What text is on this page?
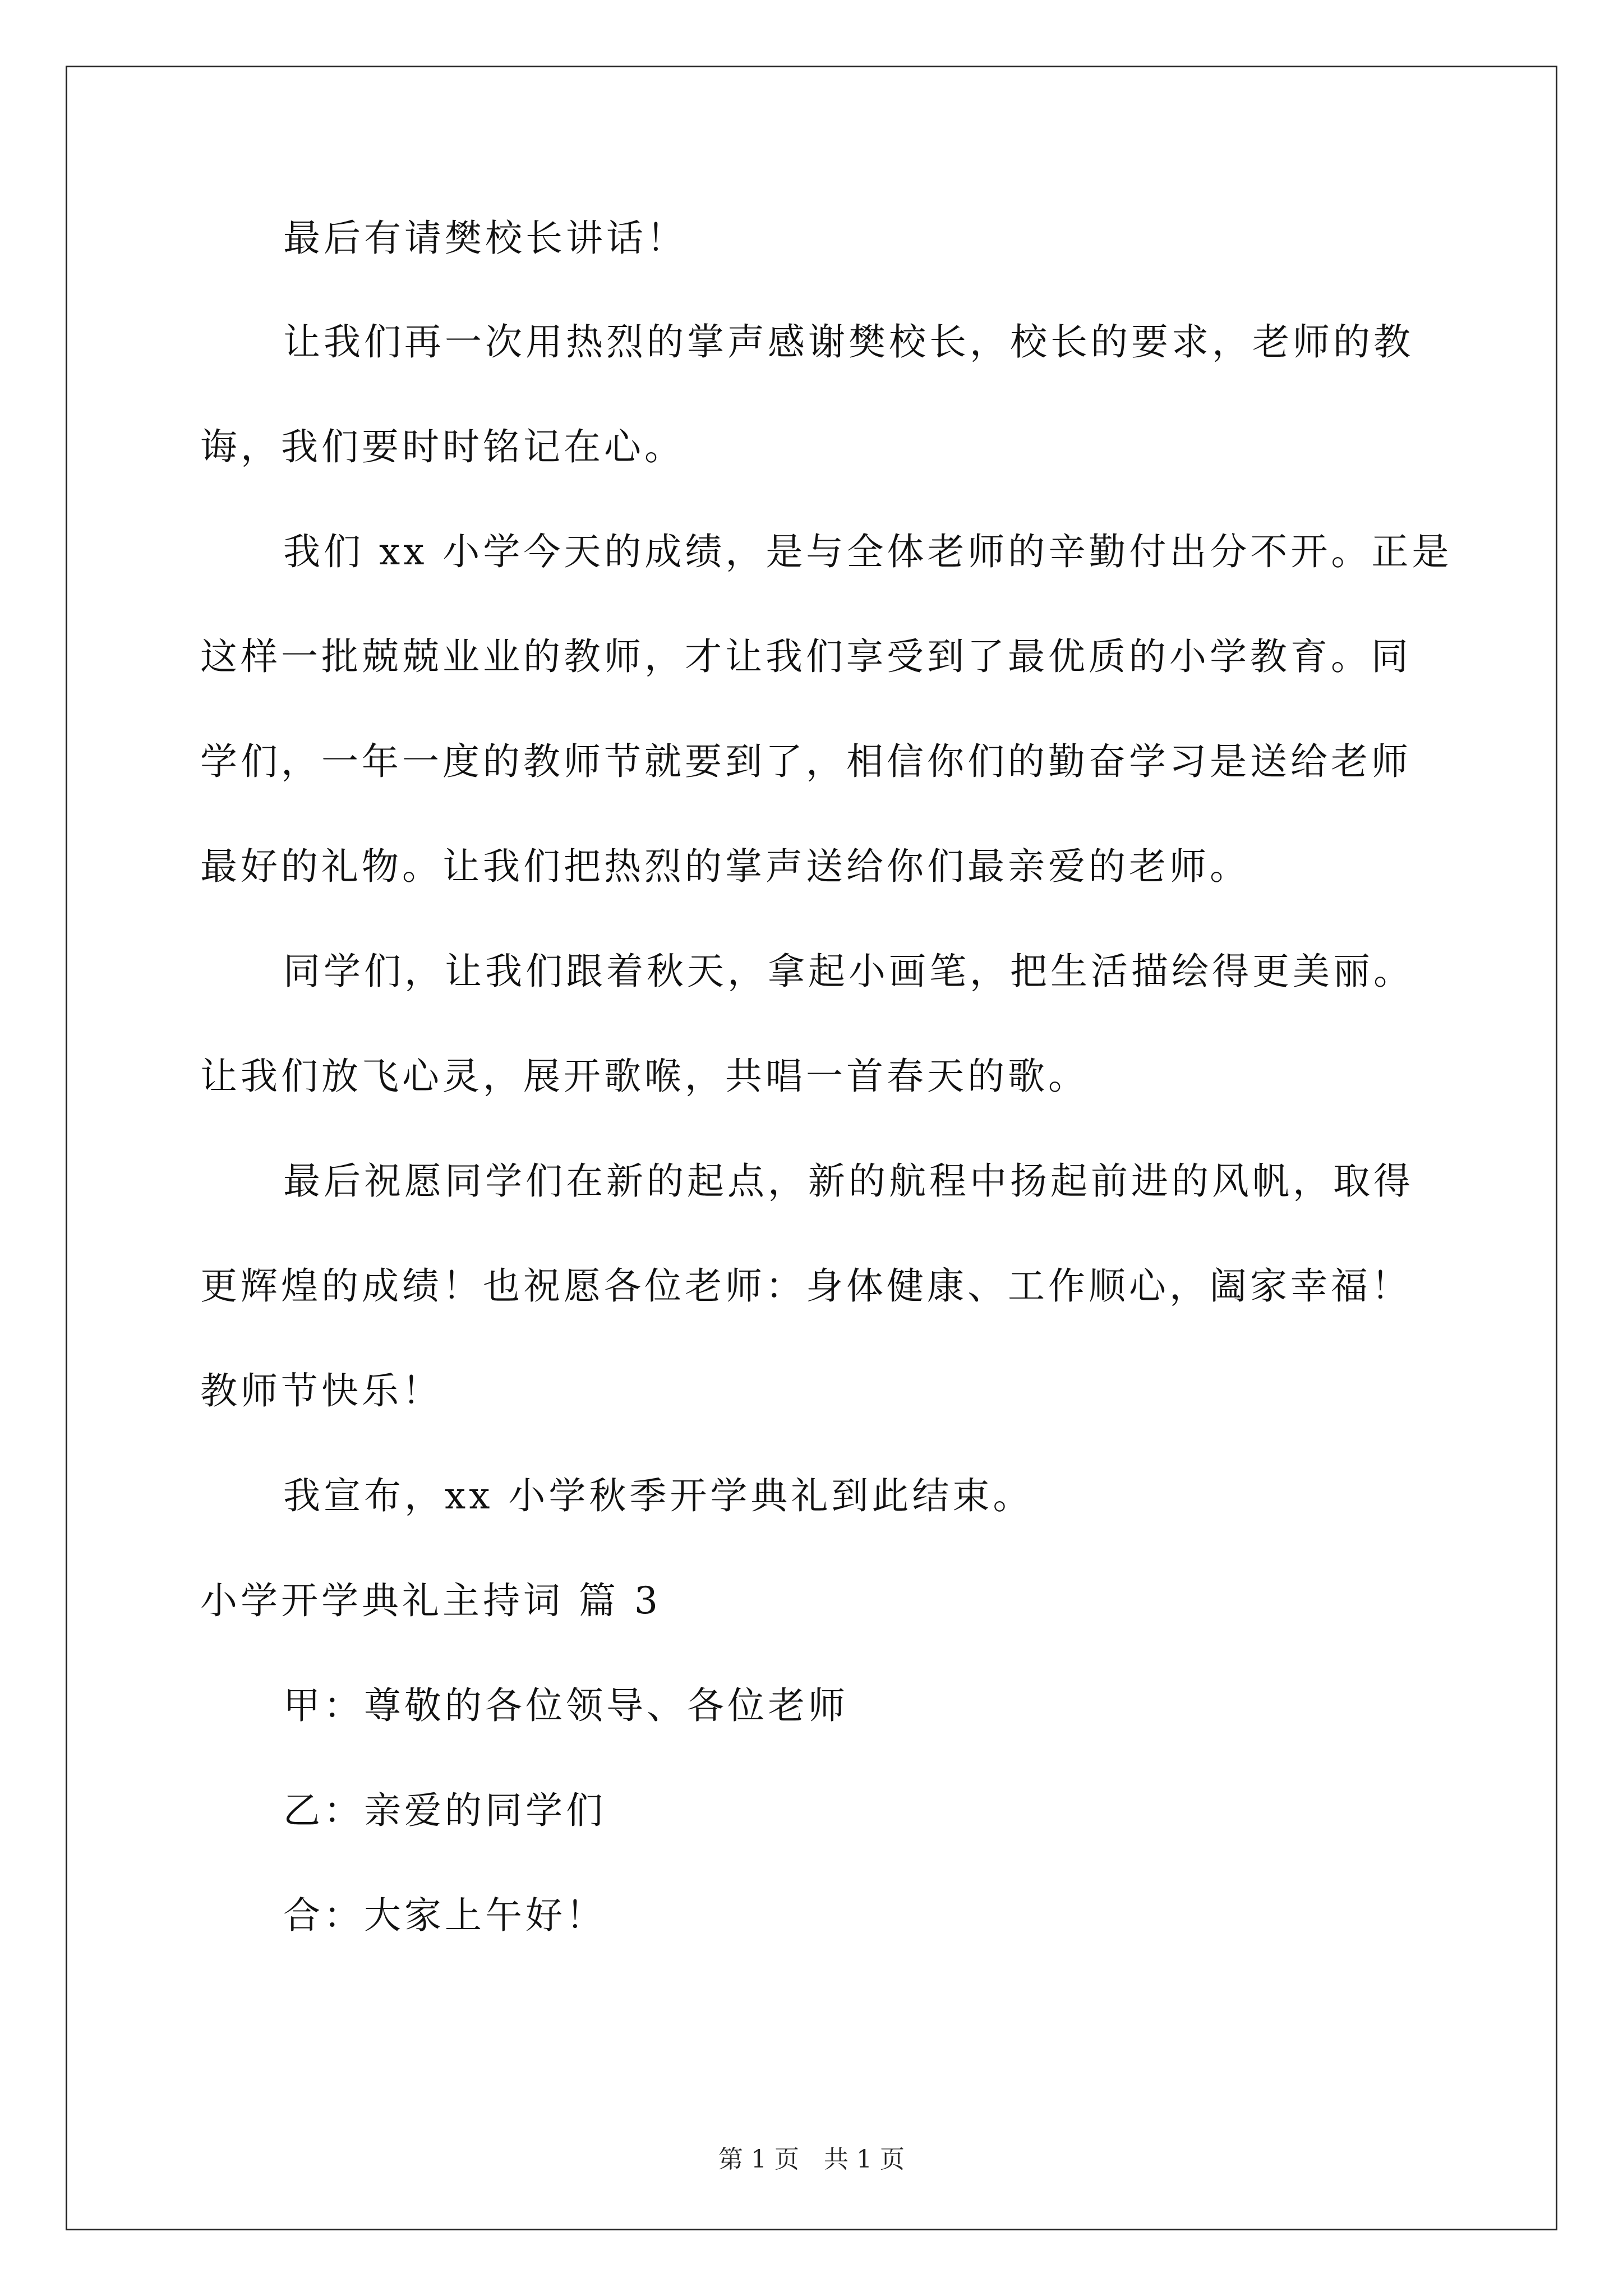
最后有请樊校长讲话！
让我们再一次用热烈的掌声感谢樊校长，校长的要求，老师的教
诲，我们要时时铭记在心。
我们 xx 小学今天的成绩，是与全体老师的辛勤付出分不开。正是
这样一批兢兢业业的教师，才让我们享受到了最优质的小学教育。同
学们，一年一度的教师节就要到了，相信你们的勤奋学习是送给老师
最好的礼物。让我们把热烈的掌声送给你们最亲爱的老师。
同学们，让我们跟着秋天，拿起小画笔，把生活描绘得更美丽。
让我们放飞心灵，展开歌喉，共唱一首春天的歌。
最后祝愿同学们在新的起点，新的航程中扬起前进的风帆，取得
更辉煌的成绩！也祝愿各位老师：身体健康、工作顺心，阖家幸福！
教师节快乐！
我宣布，xx 小学秋季开学典礼到此结束。
小学开学典礼主持词 篇 3
甲：尊敬的各位领导、各位老师
乙：亲爱的同学们
合：大家上午好！
第 1 页　共 1 页
